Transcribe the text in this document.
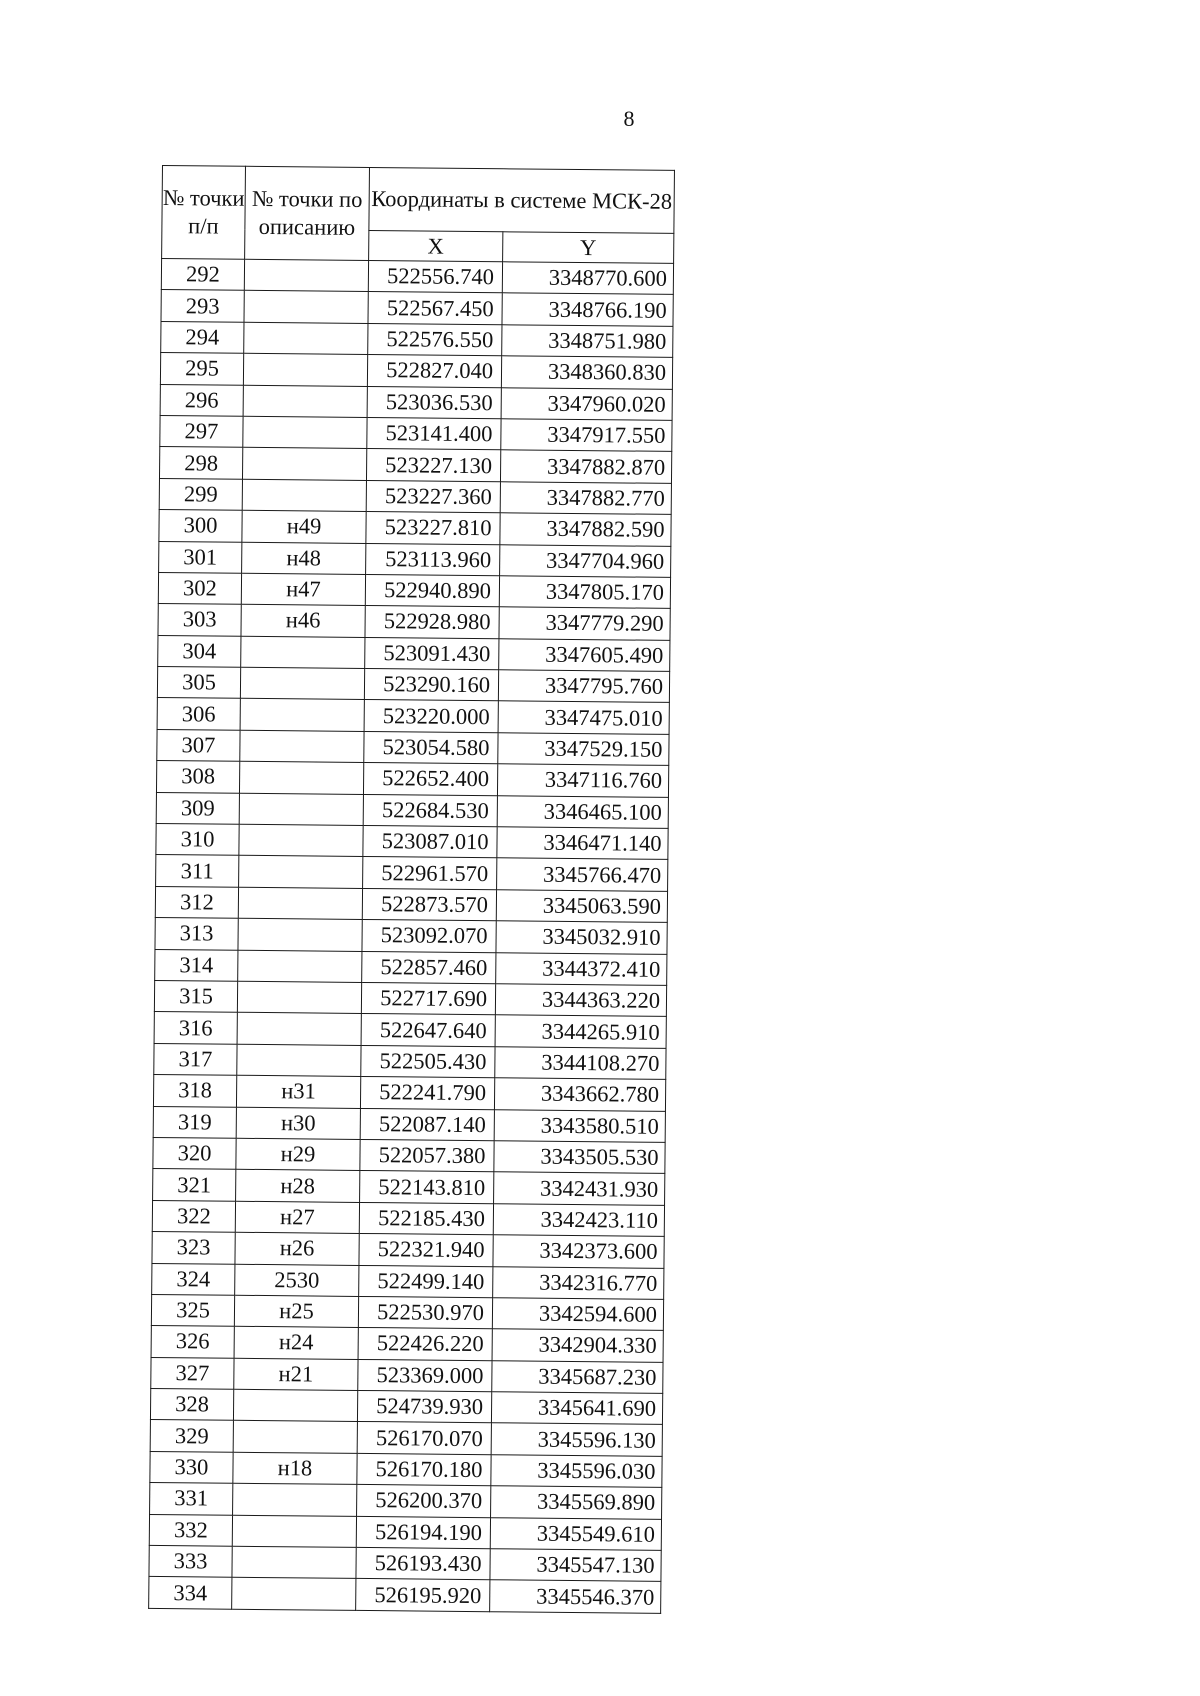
8
№ точки п/п	№ точки по описанию	Координаты в системе МСК-28	
		X	Y
292		522556.740	3348770.600
293		522567.450	3348766.190
294		522576.550	3348751.980
295		522827.040	3348360.830
296		523036.530	3347960.020
297		523141.400	3347917.550
298		523227.130	3347882.870
299		523227.360	3347882.770
300	н49	523227.810	3347882.590
301	н48	523113.960	3347704.960
302	н47	522940.890	3347805.170
303	н46	522928.980	3347779.290
304		523091.430	3347605.490
305		523290.160	3347795.760
306		523220.000	3347475.010
307		523054.580	3347529.150
308		522652.400	3347116.760
309		522684.530	3346465.100
310		523087.010	3346471.140
311		522961.570	3345766.470
312		522873.570	3345063.590
313		523092.070	3345032.910
314		522857.460	3344372.410
315		522717.690	3344363.220
316		522647.640	3344265.910
317		522505.430	3344108.270
318	н31	522241.790	3343662.780
319	н30	522087.140	3343580.510
320	н29	522057.380	3343505.530
321	н28	522143.810	3342431.930
322	н27	522185.430	3342423.110
323	н26	522321.940	3342373.600
324	2530	522499.140	3342316.770
325	н25	522530.970	3342594.600
326	н24	522426.220	3342904.330
327	н21	523369.000	3345687.230
328		524739.930	3345641.690
329		526170.070	3345596.130
330	н18	526170.180	3345596.030
331		526200.370	3345569.890
332		526194.190	3345549.610
333		526193.430	3345547.130
334		526195.920	3345546.370
